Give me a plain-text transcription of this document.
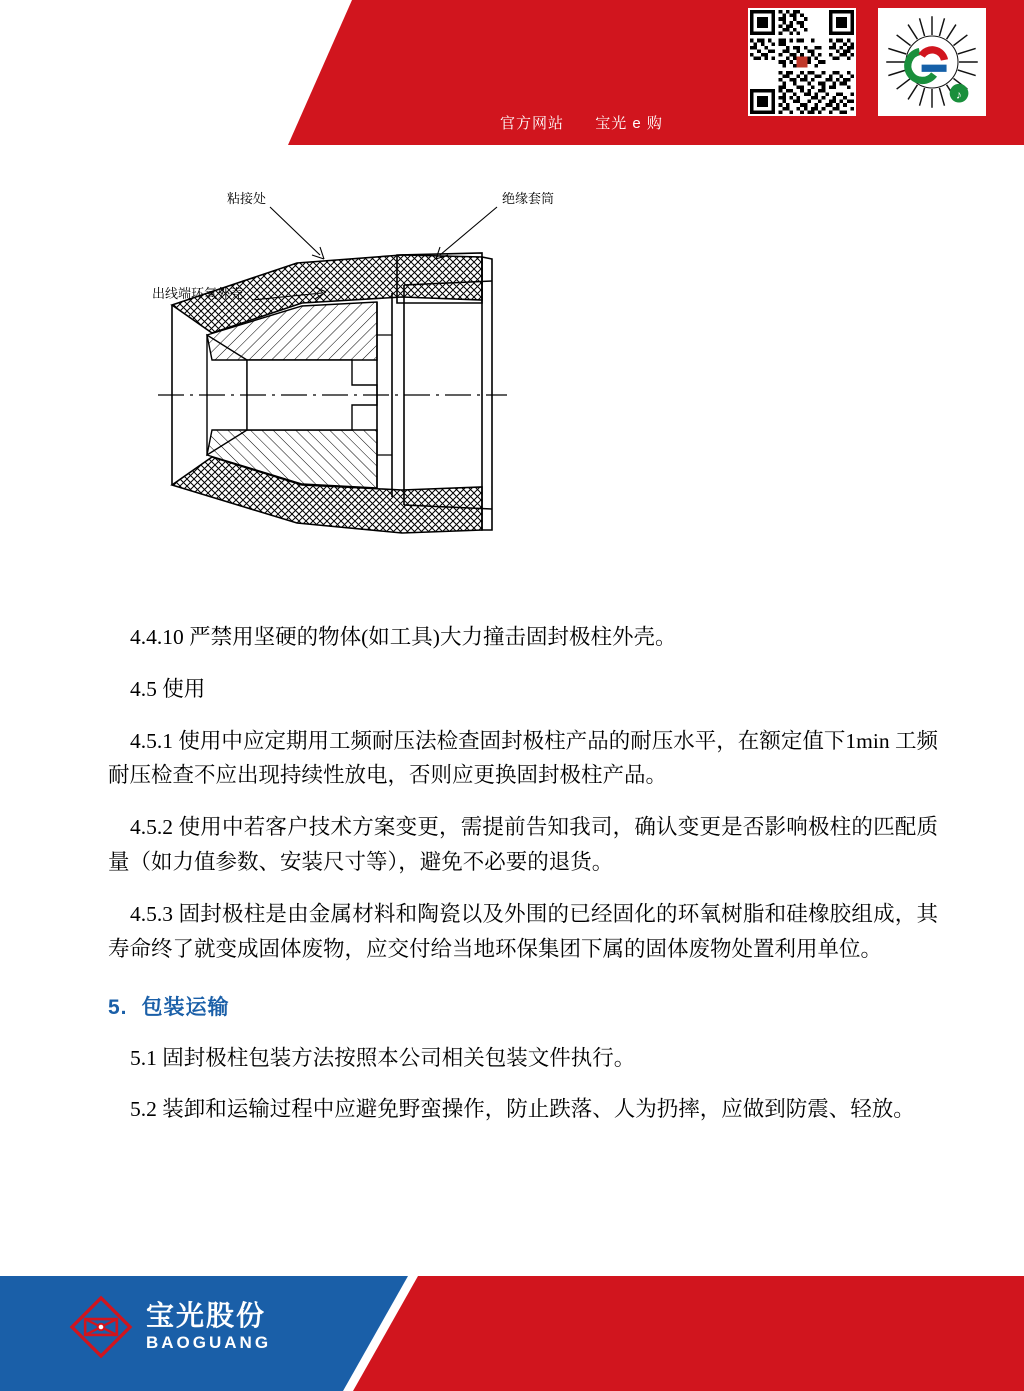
♪
官方网站 宝光 e 购
粘接处	绝缘套筒
出线端环氧外壳

4.4.10 严禁用坚硬的物体(如工具)大力撞击固封极柱外壳。

4.5 使用

4.5.1 使用中应定期用工频耐压法检查固封极柱产品的耐压水平，在额定值下1min 工频耐压检查不应出现持续性放电，否则应更换固封极柱产品。

4.5.2 使用中若客户技术方案变更，需提前告知我司，确认变更是否影响极柱的匹配质量（如力值参数、安装尺寸等），避免不必要的退货。

4.5.3 固封极柱是由金属材料和陶瓷以及外围的已经固化的环氧树脂和硅橡胶组成，其寿命终了就变成固体废物，应交付给当地环保集团下属的固体废物处置利用单位。

5. 包装运输

5.1 固封极柱包装方法按照本公司相关包装文件执行。

5.2 装卸和运输过程中应避免野蛮操作，防止跌落、人为扔摔，应做到防震、轻放。

宝光股份
BAOGUANG
